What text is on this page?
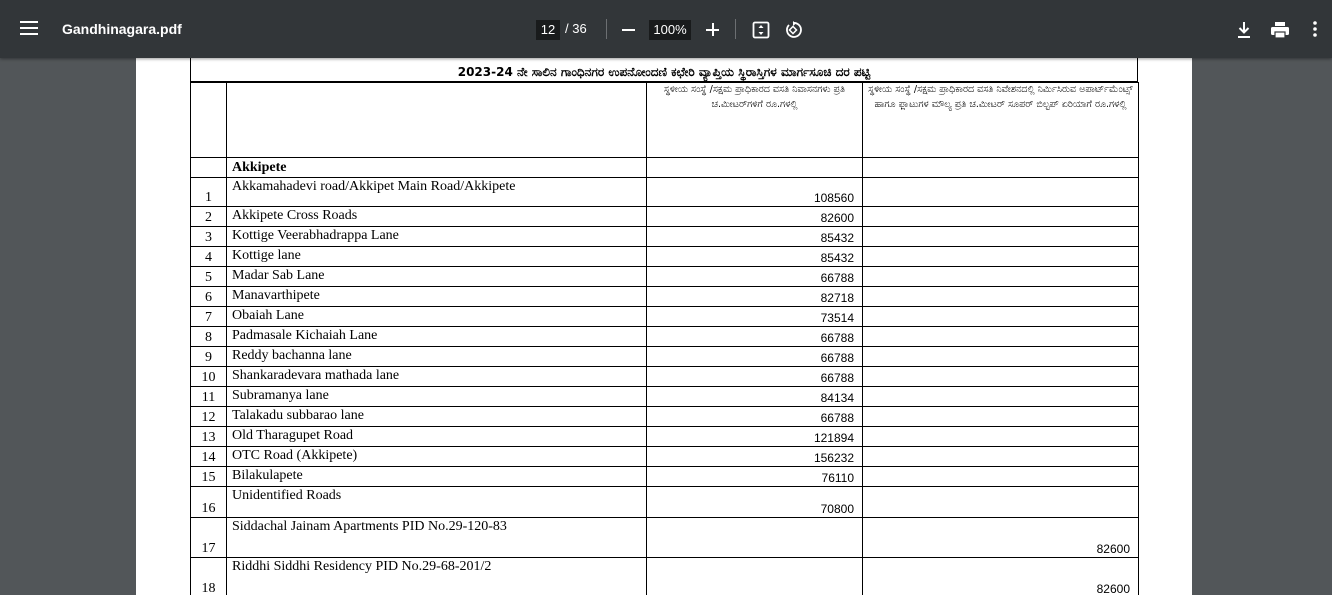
Gandhinagara.pdf	12 / 36	100%
2023-24 ನೇ ಸಾಲಿನ ಗಾಂಧಿನಗರ ಉಪನೋಂದಣಿ ಕಛೇರಿ ವ್ಯಾಪ್ತಿಯ ಸ್ಥಿರಾಸ್ತಿಗಳ ಮಾರ್ಗಸೂಚಿ ದರ ಪಟ್ಟಿ
		ಸ್ಥಳೀಯ ಸಂಸ್ಥೆ /ಸಕ್ಷಮ ಪ್ರಾಧಿಕಾರದ ವಸತಿ ನಿವಾಸನಗಳು ಪ್ರತಿ ಚ.ಮೀಟರ್‌ಗಳಿಗೆ ರೂ.ಗಳಲ್ಲಿ	ಸ್ಥಳೀಯ ಸಂಸ್ಥೆ /ಸಕ್ಷಮ ಪ್ರಾಧಿಕಾರದ ವಸತಿ ನಿವೇಶನದಲ್ಲಿ ನಿರ್ಮಿಸಿರುವ ಅಪಾರ್ಟ್‌ಮೆಂಟ್ಸ್ ಹಾಗೂ ಫ್ಲಾಟುಗಳ ಮೌಲ್ಯ ಪ್ರತಿ ಚ.ಮೀಟರ್ ಸೂಪರ್ ಬಿಲ್ಟಪ್ ಏರಿಯಾಗೆ ರೂ.ಗಳಲ್ಲಿ
	Akkipete		
1	Akkamahadevi road/Akkipet Main Road/Akkipete	108560	
2	Akkipete Cross Roads	82600	
3	Kottige Veerabhadrappa Lane	85432	
4	Kottige lane	85432	
5	Madar Sab Lane	66788	
6	Manavarthipete	82718	
7	Obaiah Lane	73514	
8	Padmasale Kichaiah Lane	66788	
9	Reddy bachanna lane	66788	
10	Shankaradevara mathada lane	66788	
11	Subramanya lane	84134	
12	Talakadu subbarao lane	66788	
13	Old Tharagupet Road	121894	
14	OTC Road (Akkipete)	156232	
15	Bilakulapete	76110	
16	Unidentified Roads	70800	
17	Siddachal Jainam Apartments PID No.29-120-83		82600
18	Riddhi Siddhi Residency PID No.29-68-201/2		82600
